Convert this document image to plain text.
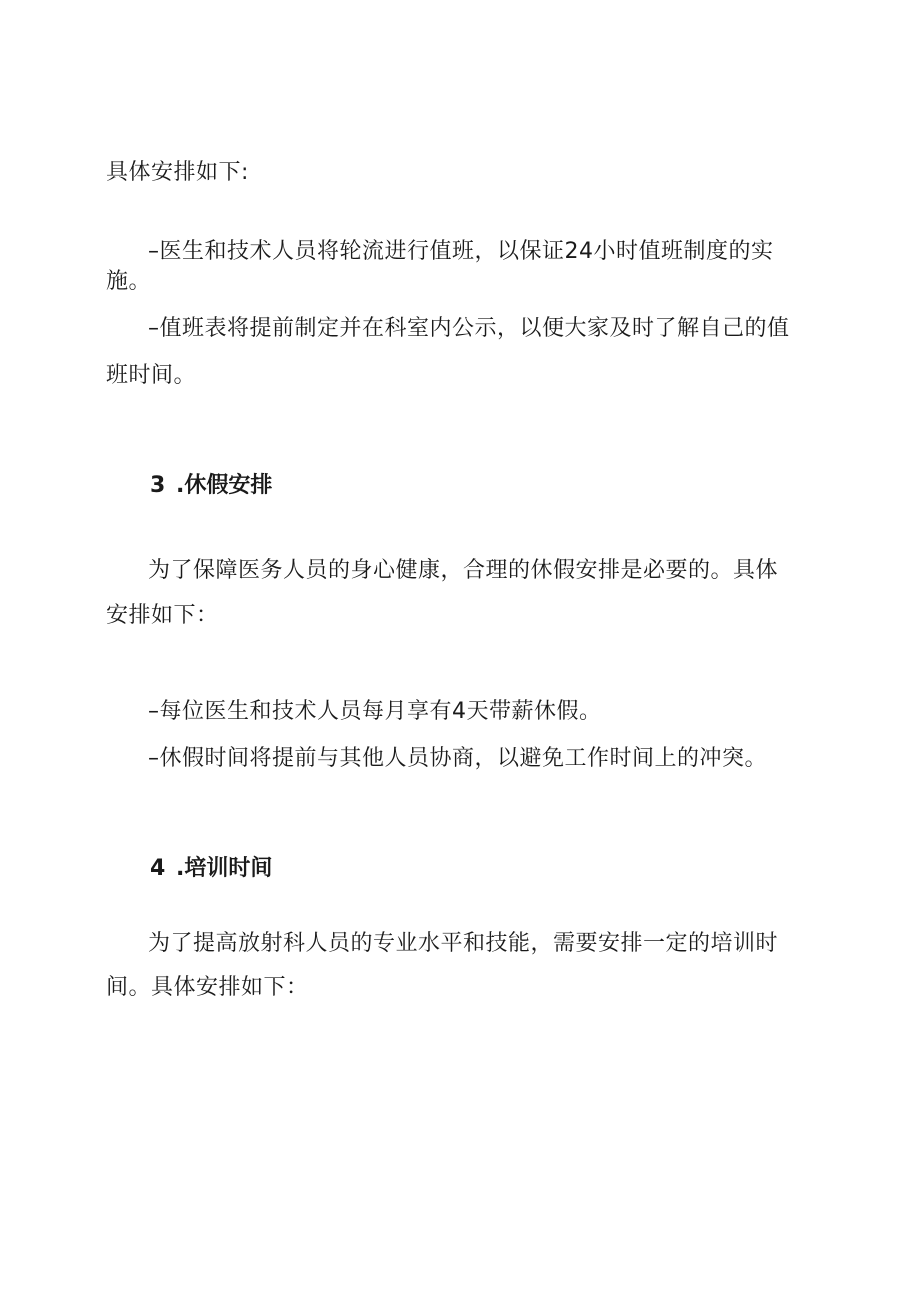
具体安排如下:
–医生和技术人员将轮流进行值班，以保证24小时值班制度的实
施。
–值班表将提前制定并在科室内公示，以便大家及时了解自己的值
班时间。
3 .休假安排
为了保障医务人员的身心健康，合理的休假安排是必要的。具体
安排如下：
–每位医生和技术人员每月享有4天带薪休假。
–休假时间将提前与其他人员协商，以避免工作时间上的冲突。
4 .培训时间
为了提高放射科人员的专业水平和技能，需要安排一定的培训时
间。具体安排如下：
